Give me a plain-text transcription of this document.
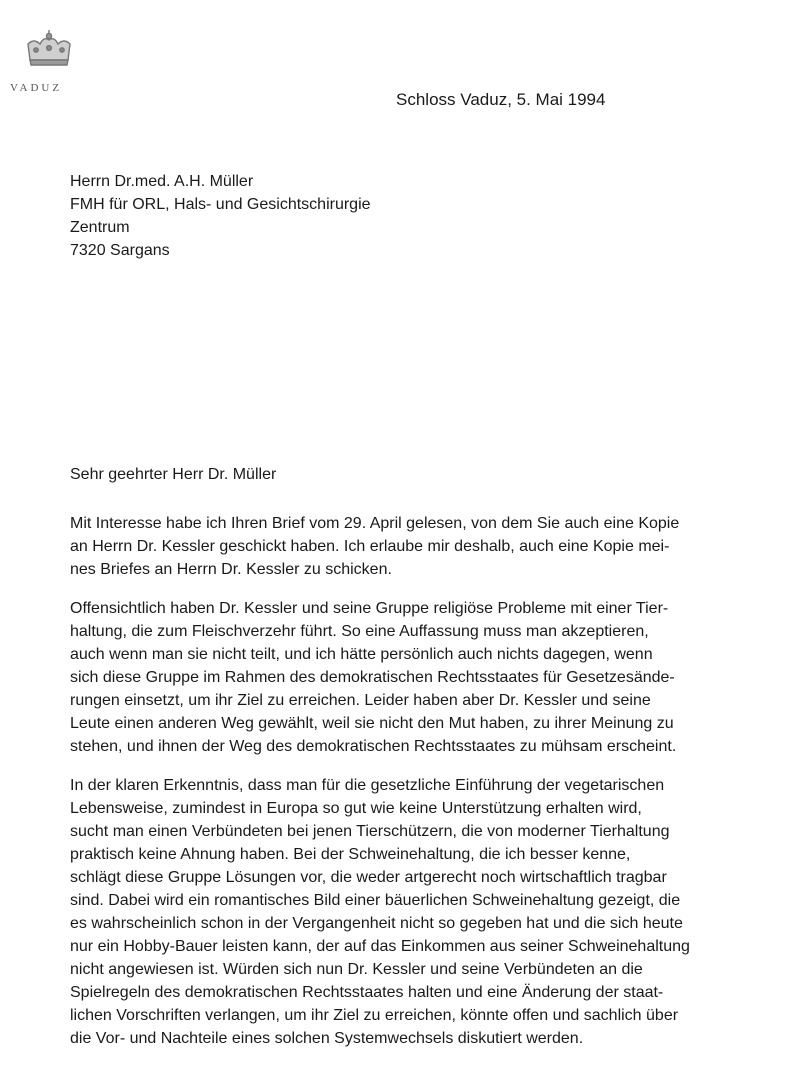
VADUZ
Schloss Vaduz, 5. Mai 1994
Herrn Dr.med. A.H. Müller
FMH für ORL, Hals- und Gesichtschirurgie
Zentrum
7320 Sargans
Sehr geehrter Herr Dr. Müller
Mit Interesse habe ich Ihren Brief vom 29. April gelesen, von dem Sie auch eine Kopie
an Herrn Dr. Kessler geschickt haben. Ich erlaube mir deshalb, auch eine Kopie mei-
nes Briefes an Herrn Dr. Kessler zu schicken.
Offensichtlich haben Dr. Kessler und seine Gruppe religiöse Probleme mit einer Tier-
haltung, die zum Fleischverzehr führt. So eine Auffassung muss man akzeptieren,
auch wenn man sie nicht teilt, und ich hätte persönlich auch nichts dagegen, wenn
sich diese Gruppe im Rahmen des demokratischen Rechtsstaates für Gesetzesände-
rungen einsetzt, um ihr Ziel zu erreichen. Leider haben aber Dr. Kessler und seine
Leute einen anderen Weg gewählt, weil sie nicht den Mut haben, zu ihrer Meinung zu
stehen, und ihnen der Weg des demokratischen Rechtsstaates zu mühsam erscheint.
In der klaren Erkenntnis, dass man für die gesetzliche Einführung der vegetarischen
Lebensweise, zumindest in Europa so gut wie keine Unterstützung erhalten wird,
sucht man einen Verbündeten bei jenen Tierschützern, die von moderner Tierhaltung
praktisch keine Ahnung haben. Bei der Schweinehaltung, die ich besser kenne,
schlägt diese Gruppe Lösungen vor, die weder artgerecht noch wirtschaftlich tragbar
sind. Dabei wird ein romantisches Bild einer bäuerlichen Schweinehaltung gezeigt, die
es wahrscheinlich schon in der Vergangenheit nicht so gegeben hat und die sich heute
nur ein Hobby-Bauer leisten kann, der auf das Einkommen aus seiner Schweinehaltung
nicht angewiesen ist. Würden sich nun Dr. Kessler und seine Verbündeten an die
Spielregeln des demokratischen Rechtsstaates halten und eine Änderung der staat-
lichen Vorschriften verlangen, um ihr Ziel zu erreichen, könnte offen und sachlich über
die Vor- und Nachteile eines solchen Systemwechsels diskutiert werden.
